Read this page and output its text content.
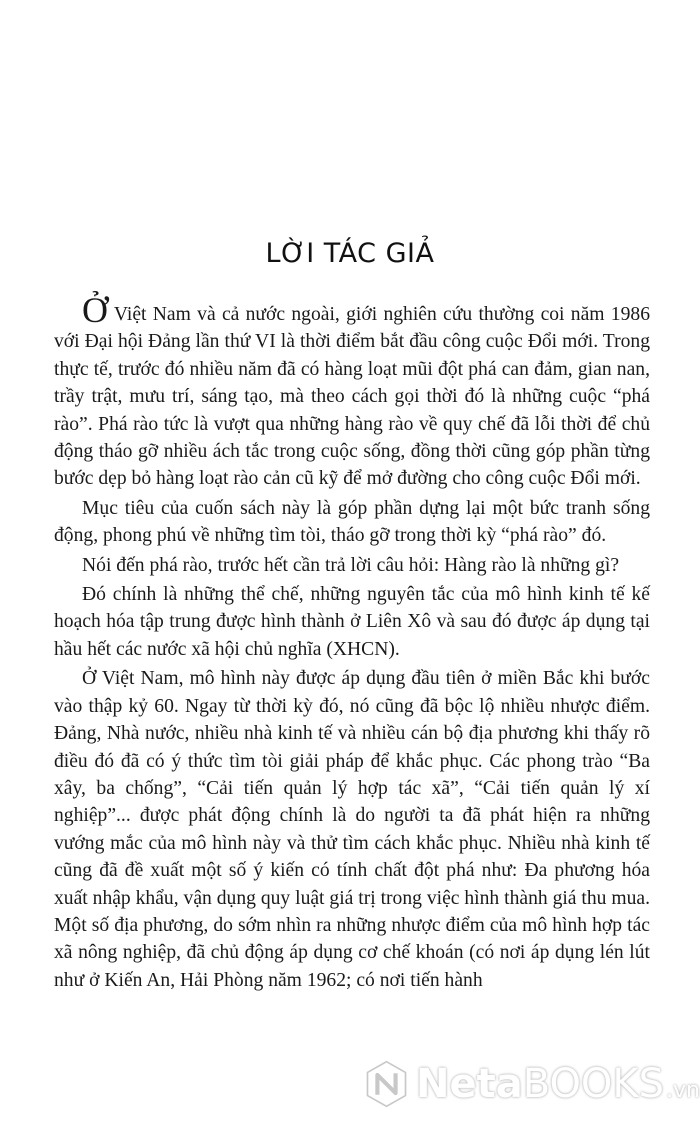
LỜI TÁC GIẢ

Ở Việt Nam và cả nước ngoài, giới nghiên cứu thường coi năm 1986 với Đại hội Đảng lần thứ VI là thời điểm bắt đầu công cuộc Đổi mới. Trong thực tế, trước đó nhiều năm đã có hàng loạt mũi đột phá can đảm, gian nan, trầy trật, mưu trí, sáng tạo, mà theo cách gọi thời đó là những cuộc “phá rào”. Phá rào tức là vượt qua những hàng rào về quy chế đã lỗi thời để chủ động tháo gỡ nhiều ách tắc trong cuộc sống, đồng thời cũng góp phần từng bước dẹp bỏ hàng loạt rào cản cũ kỹ để mở đường cho công cuộc Đổi mới.

Mục tiêu của cuốn sách này là góp phần dựng lại một bức tranh sống động, phong phú về những tìm tòi, tháo gỡ trong thời kỳ “phá rào” đó.

Nói đến phá rào, trước hết cần trả lời câu hỏi: Hàng rào là những gì?

Đó chính là những thể chế, những nguyên tắc của mô hình kinh tế kế hoạch hóa tập trung được hình thành ở Liên Xô và sau đó được áp dụng tại hầu hết các nước xã hội chủ nghĩa (XHCN).

Ở Việt Nam, mô hình này được áp dụng đầu tiên ở miền Bắc khi bước vào thập kỷ 60. Ngay từ thời kỳ đó, nó cũng đã bộc lộ nhiều nhược điểm. Đảng, Nhà nước, nhiều nhà kinh tế và nhiều cán bộ địa phương khi thấy rõ điều đó đã có ý thức tìm tòi giải pháp để khắc phục. Các phong trào “Ba xây, ba chống”, “Cải tiến quản lý hợp tác xã”, “Cải tiến quản lý xí nghiệp”... được phát động chính là do người ta đã phát hiện ra những vướng mắc của mô hình này và thử tìm cách khắc phục. Nhiều nhà kinh tế cũng đã đề xuất một số ý kiến có tính chất đột phá như: Đa phương hóa xuất nhập khẩu, vận dụng quy luật giá trị trong việc hình thành giá thu mua. Một số địa phương, do sớm nhìn ra những nhược điểm của mô hình hợp tác xã nông nghiệp, đã chủ động áp dụng cơ chế khoán (có nơi áp dụng lén lút như ở Kiến An, Hải Phòng năm 1962; có nơi tiến hành

NetaBOOKS.vn
